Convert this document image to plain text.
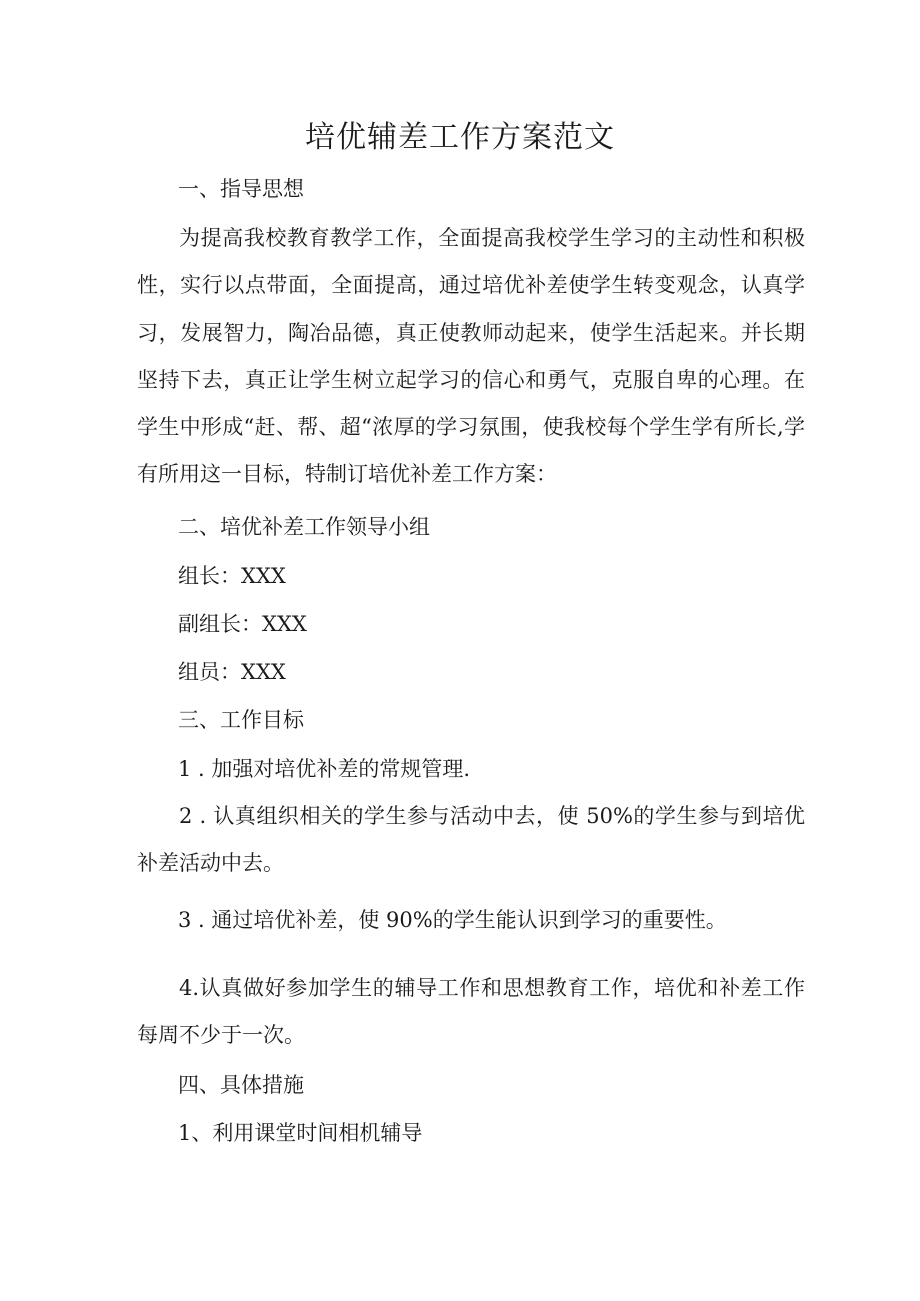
培优辅差工作方案范文
一、指导思想
为提高我校教育教学工作，全面提高我校学生学习的主动性和积极性，实行以点带面，全面提高，通过培优补差使学生转变观念，认真学习，发展智力，陶冶品德，真正使教师动起来，使学生活起来。并长期坚持下去，真正让学生树立起学习的信心和勇气，克服自卑的心理。在学生中形成“赶、帮、超“浓厚的学习氛围，使我校每个学生学有所长,学有所用这一目标，特制订培优补差工作方案：
二、培优补差工作领导小组
组长：XXX
副组长：XXX
组员：XXX
三、工作目标
1 . 加强对培优补差的常规管理.
2 . 认真组织相关的学生参与活动中去，使 50%的学生参与到培优补差活动中去。
3 . 通过培优补差，使 90%的学生能认识到学习的重要性。
4.认真做好参加学生的辅导工作和思想教育工作，培优和补差工作每周不少于一次。
四、具体措施
1、利用课堂时间相机辅导
